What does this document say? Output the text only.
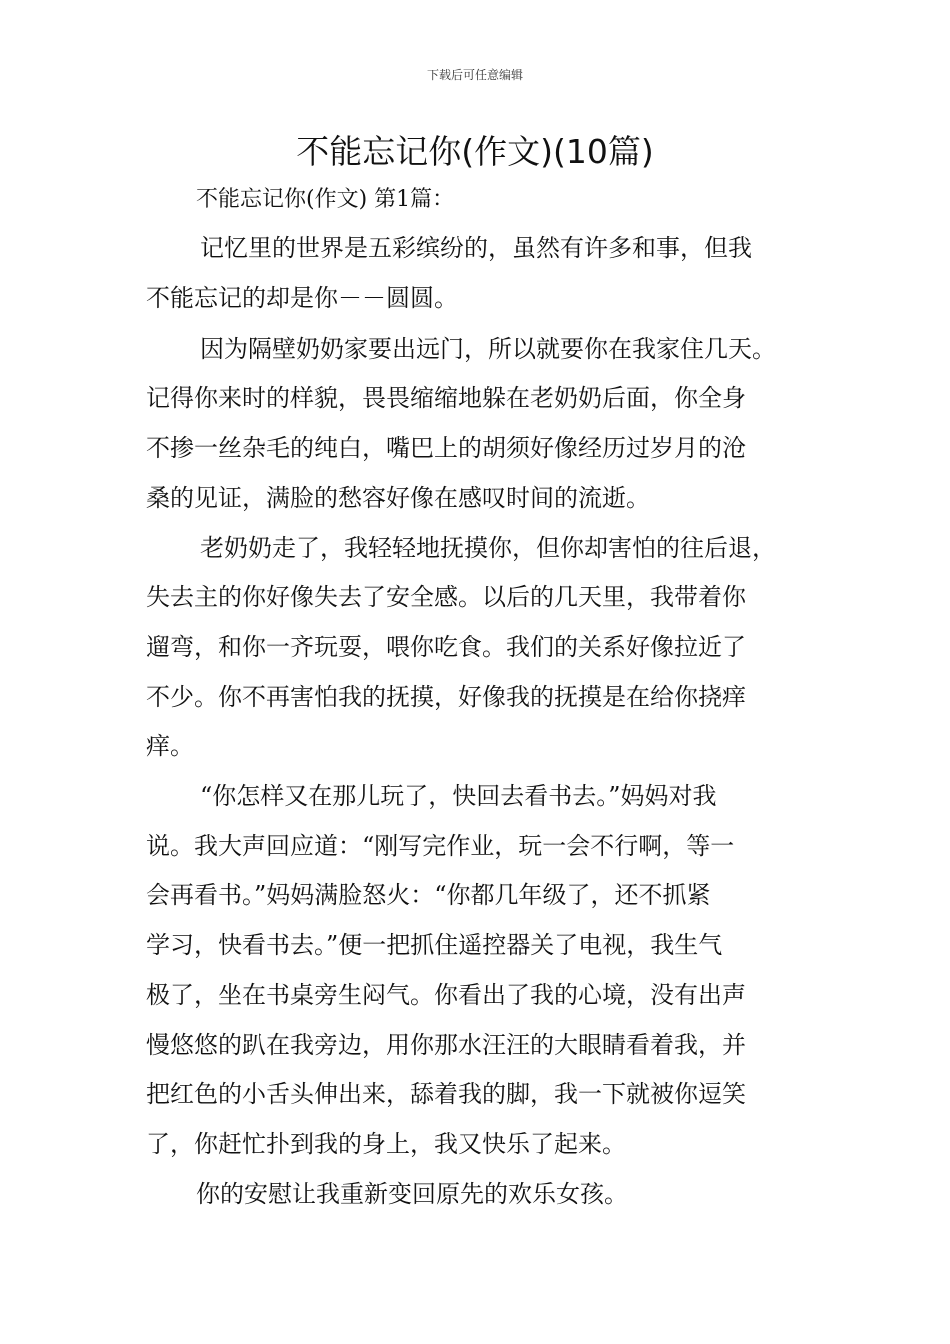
下载后可任意编辑
不能忘记你(作文)(10篇)
不能忘记你(作文) 第1篇：
记忆里的世界是五彩缤纷的，虽然有许多和事，但我
不能忘记的却是你－－圆圆。
因为隔壁奶奶家要出远门，所以就要你在我家住几天。
记得你来时的样貌，畏畏缩缩地躲在老奶奶后面，你全身
不掺一丝杂毛的纯白，嘴巴上的胡须好像经历过岁月的沧
桑的见证，满脸的愁容好像在感叹时间的流逝。
老奶奶走了，我轻轻地抚摸你，但你却害怕的往后退，
失去主的你好像失去了安全感。以后的几天里，我带着你
遛弯，和你一齐玩耍，喂你吃食。我们的关系好像拉近了
不少。你不再害怕我的抚摸，好像我的抚摸是在给你挠痒
痒。
“你怎样又在那儿玩了，快回去看书去。”妈妈对我
说。我大声回应道：“刚写完作业，玩一会不行啊，等一
会再看书。”妈妈满脸怒火：“你都几年级了，还不抓紧
学习，快看书去。”便一把抓住遥控器关了电视，我生气
极了，坐在书桌旁生闷气。你看出了我的心境，没有出声
慢悠悠的趴在我旁边，用你那水汪汪的大眼睛看着我，并
把红色的小舌头伸出来，舔着我的脚，我一下就被你逗笑
了，你赶忙扑到我的身上，我又快乐了起来。
你的安慰让我重新变回原先的欢乐女孩。
